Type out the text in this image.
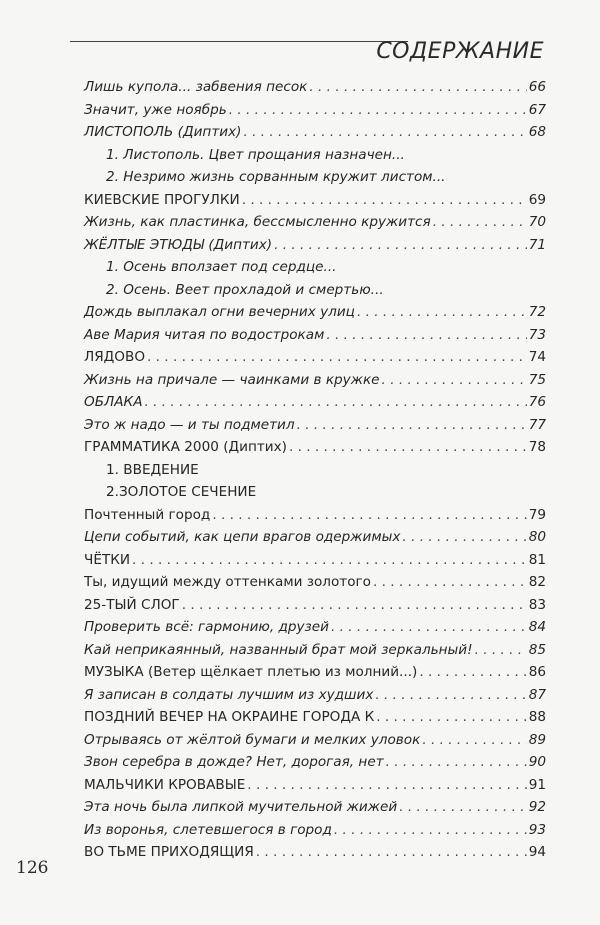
СОДЕРЖАНИЕ
Лишь купола... забвения песок . . .	66
Значит, уже ноябрь . . .	67
ЛИСТОПОЛЬ (Диптих) . . .	68
1. Листополь. Цвет прощания назначен...
2. Незримо жизнь сорванным кружит листом...
КИЕВСКИЕ ПРОГУЛКИ . . .	69
Жизнь, как пластинка, бессмысленно кружится . . .	70
ЖЁЛТЫЕ ЭТЮДЫ (Диптих) . . .	71
1. Осень вползает под сердце...
2. Осень. Веет прохладой и смертью...
Дождь выплакал огни вечерних улиц . . .	72
Аве Мария читая по водострокам . . .	73
ЛЯДОВО . . .	74
Жизнь на причале — чаинками в кружке . . .	75
ОБЛАКА . . .	76
Это ж надо — и ты подметил . . .	77
ГРАММАТИКА 2000 (Диптих) . . .	78
1. ВВЕДЕНИЕ
2.ЗОЛОТОЕ СЕЧЕНИЕ
Почтенный город . . .	79
Цепи событий, как цепи врагов одержимых . . .	80
ЧЁТКИ . . .	81
Ты, идущий между оттенками золотого . . .	82
25-ТЫЙ СЛОГ . . .	83
Проверить всё: гармонию, друзей . . .	84
Кай неприкаянный, названный брат мой зеркальный! . . .	85
МУЗЫКА (Ветер щёлкает плетью из молний...) . . .	86
Я записан в солдаты лучшим из худших . . .	87
ПОЗДНИЙ ВЕЧЕР НА ОКРАИНЕ ГОРОДА К . . .	88
Отрываясь от жёлтой бумаги и мелких уловок . . .	89
Звон серебра в дожде? Нет, дорогая, нет . . .	90
МАЛЬЧИКИ КРОВАВЫЕ . . .	91
Эта ночь была липкой мучительной жижей . . .	92
Из воронья, слетевшегося в город . . .	93
ВО ТЬМЕ ПРИХОДЯЩИЯ . . .	94
126
